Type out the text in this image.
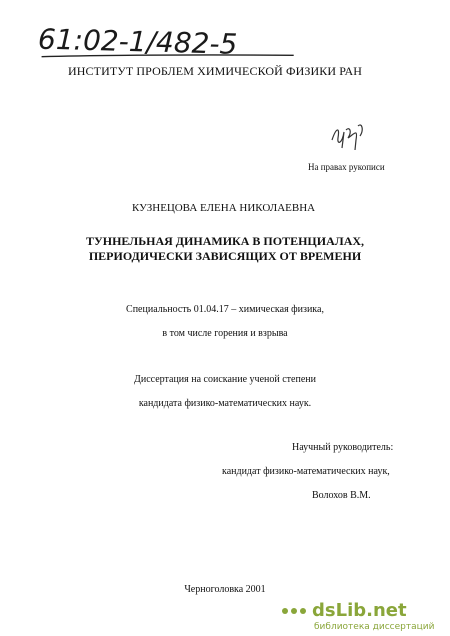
61:02-1/482-5
ИНСТИТУТ ПРОБЛЕМ ХИМИЧЕСКОЙ ФИЗИКИ РАН
На правах рукописи
КУЗНЕЦОВА ЕЛЕНА НИКОЛАЕВНА
ТУННЕЛЬНАЯ ДИНАМИКА В ПОТЕНЦИАЛАХ,
ПЕРИОДИЧЕСКИ ЗАВИСЯЩИХ ОТ ВРЕМЕНИ
Специальность 01.04.17 – химическая физика,
в том числе горения и взрыва
Диссертация на соискание ученой степени
кандидата физико-математических наук.
Научный руководитель:
кандидат физико-математических наук,
Волохов В.М.
Черноголовка 2001
dsLib.net
библиотека диссертаций
